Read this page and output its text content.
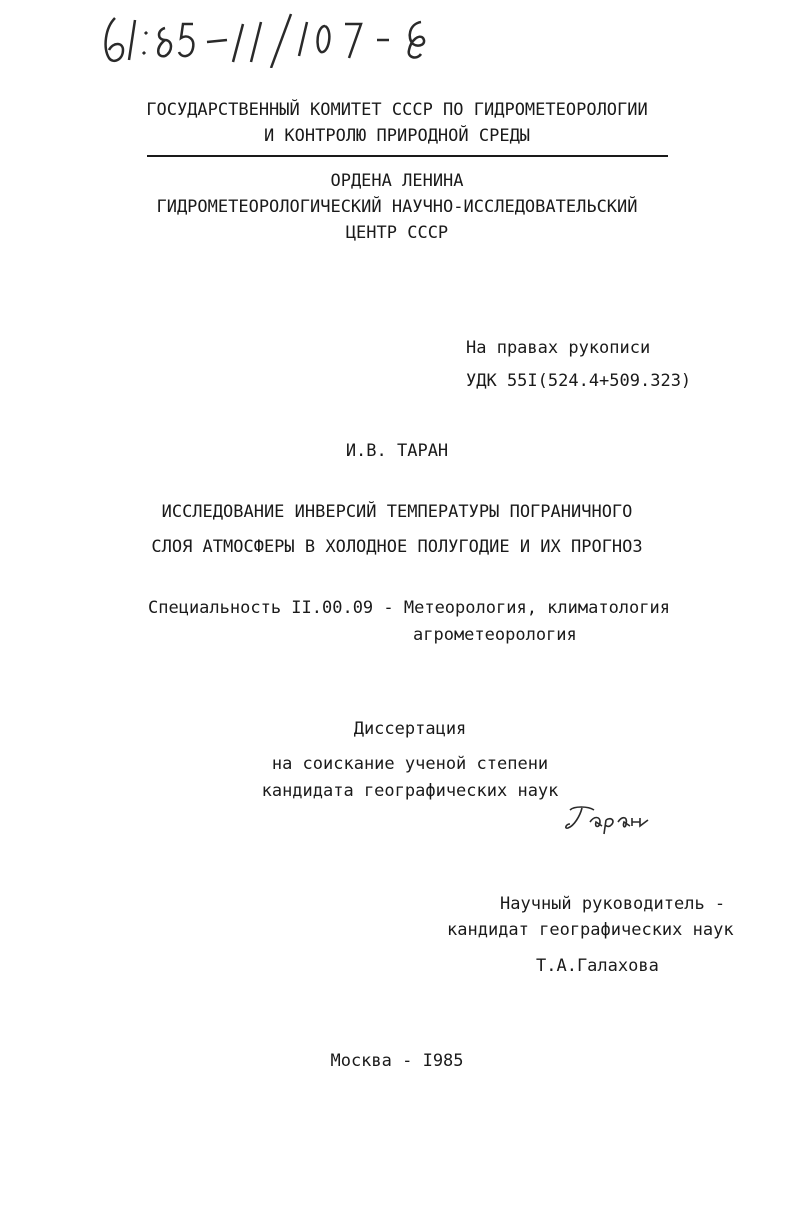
ГОСУДАРСТВЕННЫЙ КОМИТЕТ СССР ПО ГИДРОМЕТЕОРОЛОГИИ
И КОНТРОЛЮ ПРИРОДНОЙ СРЕДЫ
ОРДЕНА ЛЕНИНА
ГИДРОМЕТЕОРОЛОГИЧЕСКИЙ НАУЧНО-ИССЛЕДОВАТЕЛЬСКИЙ
ЦЕНТР СССР
На правах рукописи
УДК 55I(524.4+509.323)
И.В. ТАРАН
ИССЛЕДОВАНИЕ ИНВЕРСИЙ ТЕМПЕРАТУРЫ ПОГРАНИЧНОГО
СЛОЯ АТМОСФЕРЫ В ХОЛОДНОЕ ПОЛУГОДИЕ И ИХ ПРОГНОЗ
Специальность II.00.09 - Метеорология, климатология
агрометеорология
Диссертация
на соискание ученой степени
кандидата географических наук
Научный руководитель -
кандидат географических наук
Т.А.Галахова
Москва - I985
